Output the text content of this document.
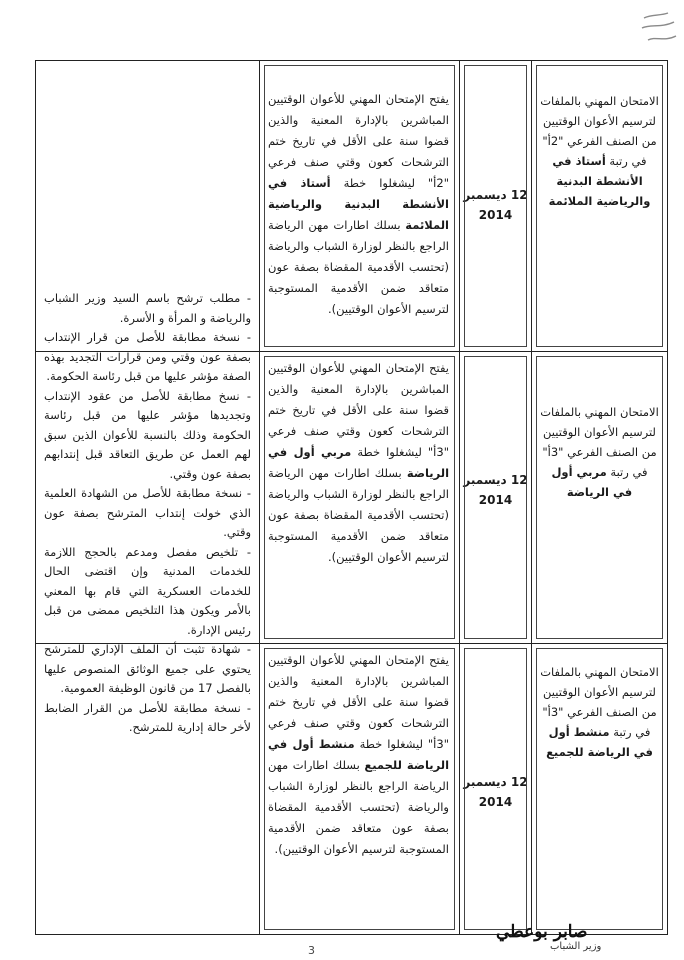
- مطلب ترشح باسم السيد وزير الشباب والرياضة و المرأة و الأسرة.

- نسخة مطابقة للأصل من قرار الإنتداب بصفة عون وقتي ومن قرارات التجديد بهذه الصفة مؤشر عليها من قبل رئاسة الحكومة.

- نسخ مطابقة للأصل من عقود الإنتداب وتجديدها مؤشر عليها من قبل رئاسة الحكومة وذلك بالنسبة للأعوان الذين سبق لهم العمل عن طريق التعاقد قبل إنتدابهم بصفة عون وقتي.

- نسخة مطابقة للأصل من الشهادة العلمية الذي خولت إنتداب المترشح بصفة عون وقتي.

- تلخيص مفصل ومدعم بالحجج اللازمة للخدمات المدنية وإن اقتضى الحال للخدمات العسكرية التي قام بها المعني بالأمر ويكون هذا التلخيص ممضى من قبل رئيس الإدارة.

- شهادة تثبت أن الملف الإداري للمترشح يحتوي على جميع الوثائق المنصوص عليها بالفصل 17 من قانون الوظيفة العمومية.

- نسخة مطابقة للأصل من القرار الضابط لأخر حالة إدارية للمترشح.

يفتح الإمتحان المهني للأعوان الوقتيين المباشرين بالإدارة المعنية والذين قضوا سنة على الأقل في تاريخ ختم الترشحات كعون وقتي صنف فرعي "2أ" ليشغلوا خطة أستاذ في الأنشطة البدنية والرياضية الملائمة بسلك اطارات مهن الرياضة الراجع بالنظر لوزارة الشباب والرياضة (تحتسب الأقدمية المقضاة بصفة عون متعاقد ضمن الأقدمية المستوجبة لترسيم الأعوان الوقتيين).
12 ديسمبر 2014
الامتحان المهني بالملفات لترسيم الأعوان الوقتيين من الصنف الفرعي "2أ" في رتبة أستاذ في الأنشطة البدنية والرياضية الملائمة
يفتح الإمتحان المهني للأعوان الوقتيين المباشرين بالإدارة المعنية والذين قضوا سنة على الأقل في تاريخ ختم الترشحات كعون وقتي صنف فرعي "3أ" ليشغلوا خطة مربي أول في الرياضة بسلك اطارات مهن الرياضة الراجع بالنظر لوزارة الشباب والرياضة (تحتسب الأقدمية المقضاة بصفة عون متعاقد ضمن الأقدمية المستوجبة لترسيم الأعوان الوقتيين).
12 ديسمبر 2014
الامتحان المهني بالملفات لترسيم الأعوان الوقتيين من الصنف الفرعي "3أ" في رتبة مربي أول في الرياضة
يفتح الإمتحان المهني للأعوان الوقتيين المباشرين بالإدارة المعنية والذين قضوا سنة على الأقل في تاريخ ختم الترشحات كعون وقتي صنف فرعي "3أ" ليشغلوا خطة منشط أول في الرياضة للجميع بسلك اطارات مهن الرياضة الراجع بالنظر لوزارة الشباب والرياضة (تحتسب الأقدمية المقضاة بصفة عون متعاقد ضمن الأقدمية المستوجبة لترسيم الأعوان الوقتيين).
12 ديسمبر 2014
الامتحان المهني بالملفات لترسيم الأعوان الوقتيين من الصنف الفرعي "3أ" في رتبة منشط أول في الرياضة للجميع
صابر بوعطي
وزير الشباب
3
